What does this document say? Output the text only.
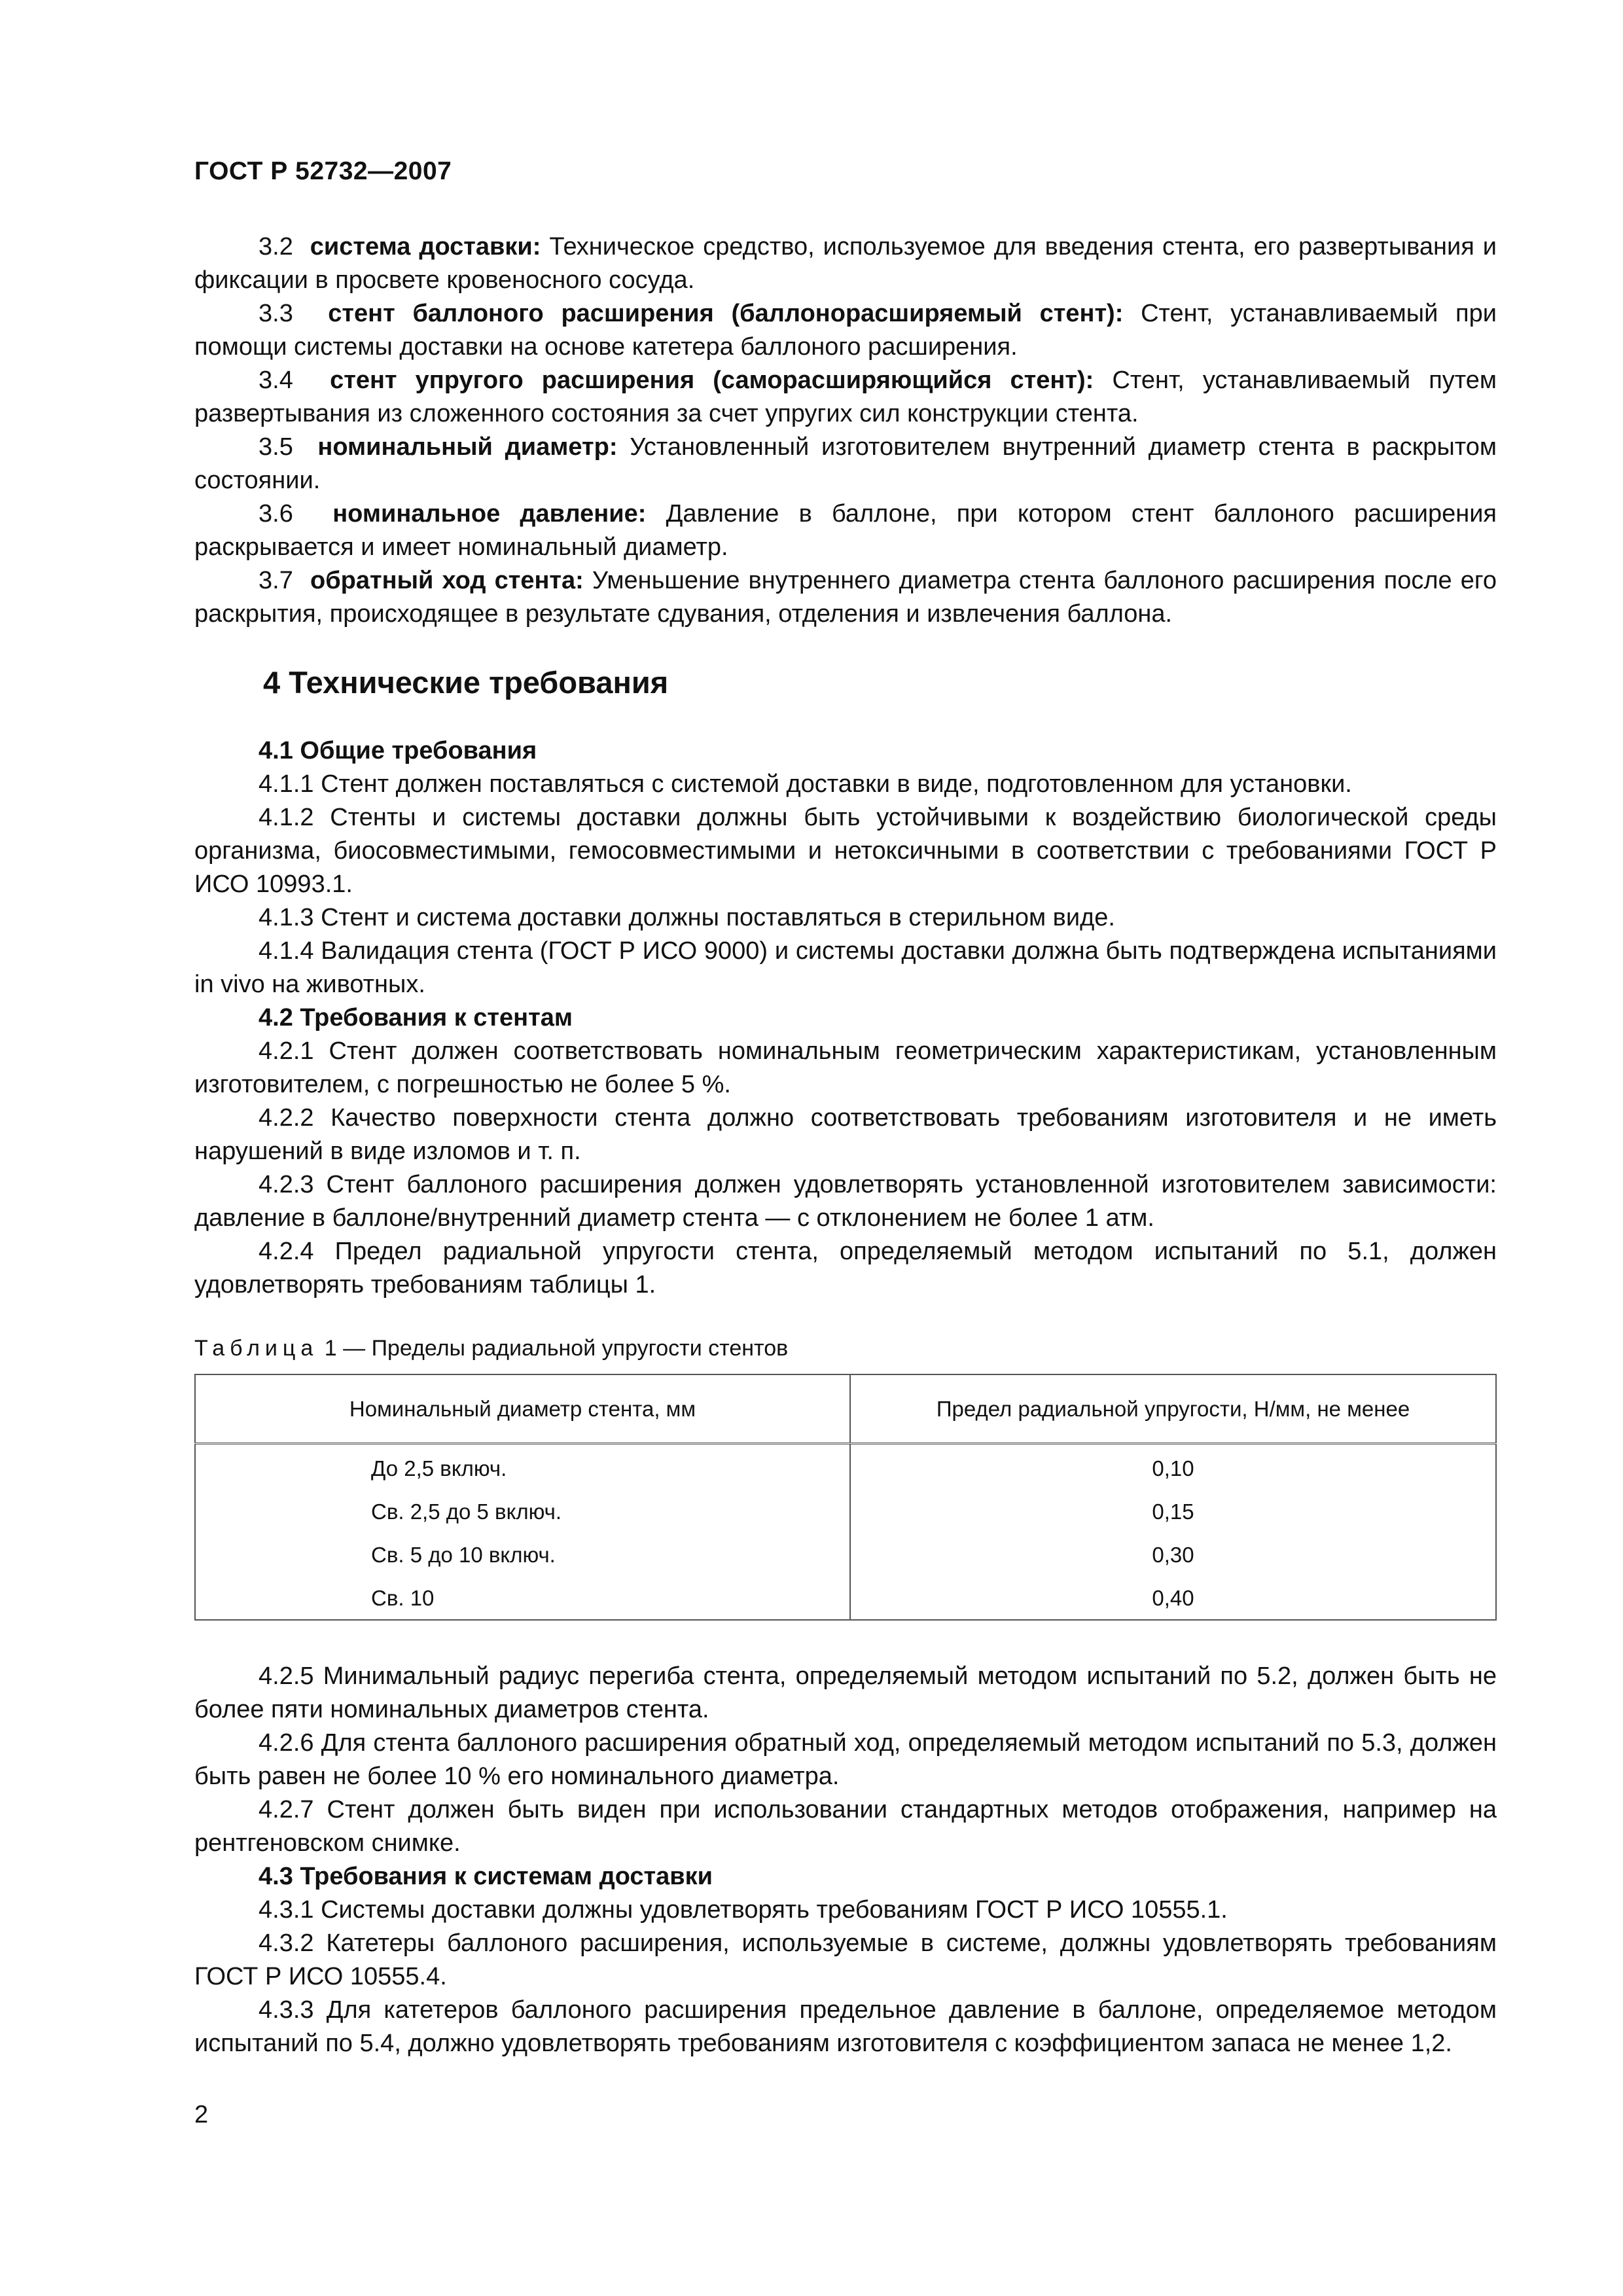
ГОСТ Р 52732—2007

3.2 система доставки: Техническое средство, используемое для введения стента, его развертывания и фиксации в просвете кровеносного сосуда.

3.3 стент баллоного расширения (баллонорасширяемый стент): Стент, устанавливаемый при помощи системы доставки на основе катетера баллоного расширения.

3.4 стент упругого расширения (саморасширяющийся стент): Стент, устанавливаемый путем развертывания из сложенного состояния за счет упругих сил конструкции стента.

3.5 номинальный диаметр: Установленный изготовителем внутренний диаметр стента в раскрытом состоянии.

3.6 номинальное давление: Давление в баллоне, при котором стент баллоного расширения раскрывается и имеет номинальный диаметр.

3.7 обратный ход стента: Уменьшение внутреннего диаметра стента баллоного расширения после его раскрытия, происходящее в результате сдувания, отделения и извлечения баллона.

4 Технические требования
4.1 Общие требования

4.1.1 Стент должен поставляться с системой доставки в виде, подготовленном для установки.

4.1.2 Стенты и системы доставки должны быть устойчивыми к воздействию биологической среды организма, биосовместимыми, гемосовместимыми и нетоксичными в соответствии с требованиями ГОСТ Р ИСО 10993.1.

4.1.3 Стент и система доставки должны поставляться в стерильном виде.

4.1.4 Валидация стента (ГОСТ Р ИСО 9000) и системы доставки должна быть подтверждена испытаниями in vivo на животных.

4.2 Требования к стентам

4.2.1 Стент должен соответствовать номинальным геометрическим характеристикам, установленным изготовителем, с погрешностью не более 5 %.

4.2.2 Качество поверхности стента должно соответствовать требованиям изготовителя и не иметь нарушений в виде изломов и т. п.

4.2.3 Стент баллоного расширения должен удовлетворять установленной изготовителем зависимости: давление в баллоне/внутренний диаметр стента — с отклонением не более 1 атм.

4.2.4 Предел радиальной упругости стента, определяемый методом испытаний по 5.1, должен удовлетворять требованиям таблицы 1.

Таблица 1 — Пределы радиальной упругости стентов
Номинальный диаметр стента, мм	Предел радиальной упругости, Н/мм, не менее
До 2,5 включ.	0,10
Св. 2,5 до 5 включ.	0,15
Св. 5 до 10 включ.	0,30
Св. 10	0,40

4.2.5 Минимальный радиус перегиба стента, определяемый методом испытаний по 5.2, должен быть не более пяти номинальных диаметров стента.

4.2.6 Для стента баллоного расширения обратный ход, определяемый методом испытаний по 5.3, должен быть равен не более 10 % его номинального диаметра.

4.2.7 Стент должен быть виден при использовании стандартных методов отображения, например на рентгеновском снимке.

4.3 Требования к системам доставки

4.3.1 Системы доставки должны удовлетворять требованиям ГОСТ Р ИСО 10555.1.

4.3.2 Катетеры баллоного расширения, используемые в системе, должны удовлетворять требованиям ГОСТ Р ИСО 10555.4.

4.3.3 Для катетеров баллоного расширения предельное давление в баллоне, определяемое методом испытаний по 5.4, должно удовлетворять требованиям изготовителя с коэффициентом запаса не менее 1,2.

2
